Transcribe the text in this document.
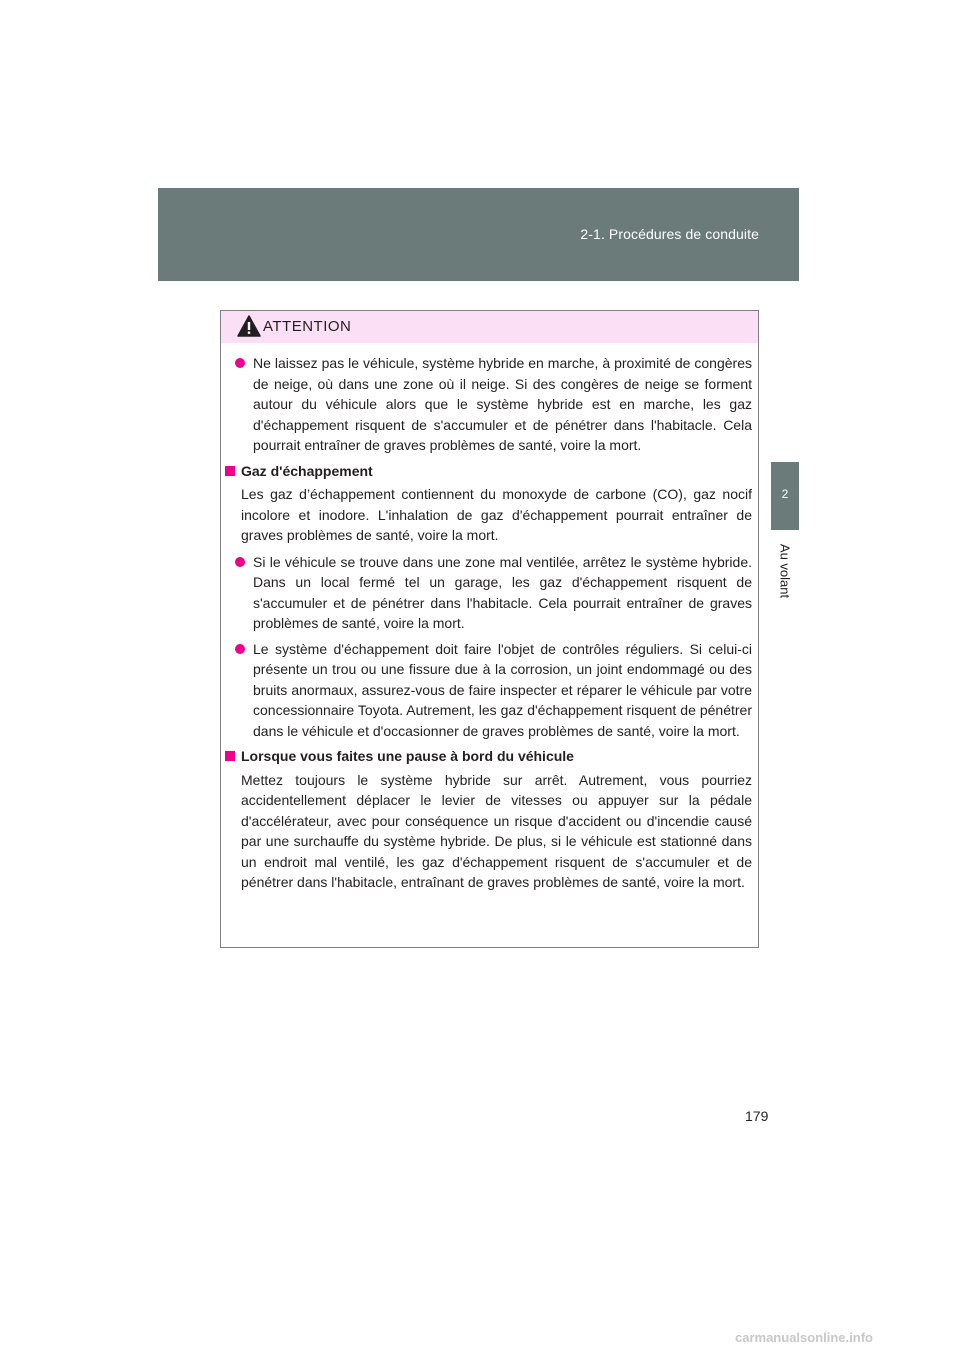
2-1. Procédures de conduite
2
Au volant
ATTENTION
Ne laissez pas le véhicule, système hybride en marche, à proximité de congères de neige, où dans une zone où il neige. Si des congères de neige se forment autour du véhicule alors que le système hybride est en marche, les gaz d'échappement risquent de s'accumuler et de pénétrer dans l'habitacle. Cela pourrait entraîner de graves problèmes de santé, voire la mort.
Gaz d'échappement
Les gaz d’échappement contiennent du monoxyde de carbone (CO), gaz nocif incolore et inodore. L'inhalation de gaz d'échappement pourrait entraîner de graves problèmes de santé, voire la mort.
Si le véhicule se trouve dans une zone mal ventilée, arrêtez le système hybride. Dans un local fermé tel un garage, les gaz d'échappement risquent de s'accumuler et de pénétrer dans l'habitacle. Cela pourrait entraîner de graves problèmes de santé, voire la mort.
Le système d'échappement doit faire l'objet de contrôles réguliers. Si celui-ci présente un trou ou une fissure due à la corrosion, un joint endommagé ou des bruits anormaux, assurez-vous de faire inspecter et réparer le véhicule par votre concessionnaire Toyota. Autrement, les gaz d'échappement risquent de pénétrer dans le véhicule et d'occasionner de graves problèmes de santé, voire la mort.
Lorsque vous faites une pause à bord du véhicule
Mettez toujours le système hybride sur arrêt. Autrement, vous pourriez accidentellement déplacer le levier de vitesses ou appuyer sur la pédale d'accélérateur, avec pour conséquence un risque d'accident ou d'incendie causé par une surchauffe du système hybride. De plus, si le véhicule est stationné dans un endroit mal ventilé, les gaz d'échappement risquent de s'accumuler et de pénétrer dans l'habitacle, entraînant de graves problèmes de santé, voire la mort.
179
carmanualsonline.info
